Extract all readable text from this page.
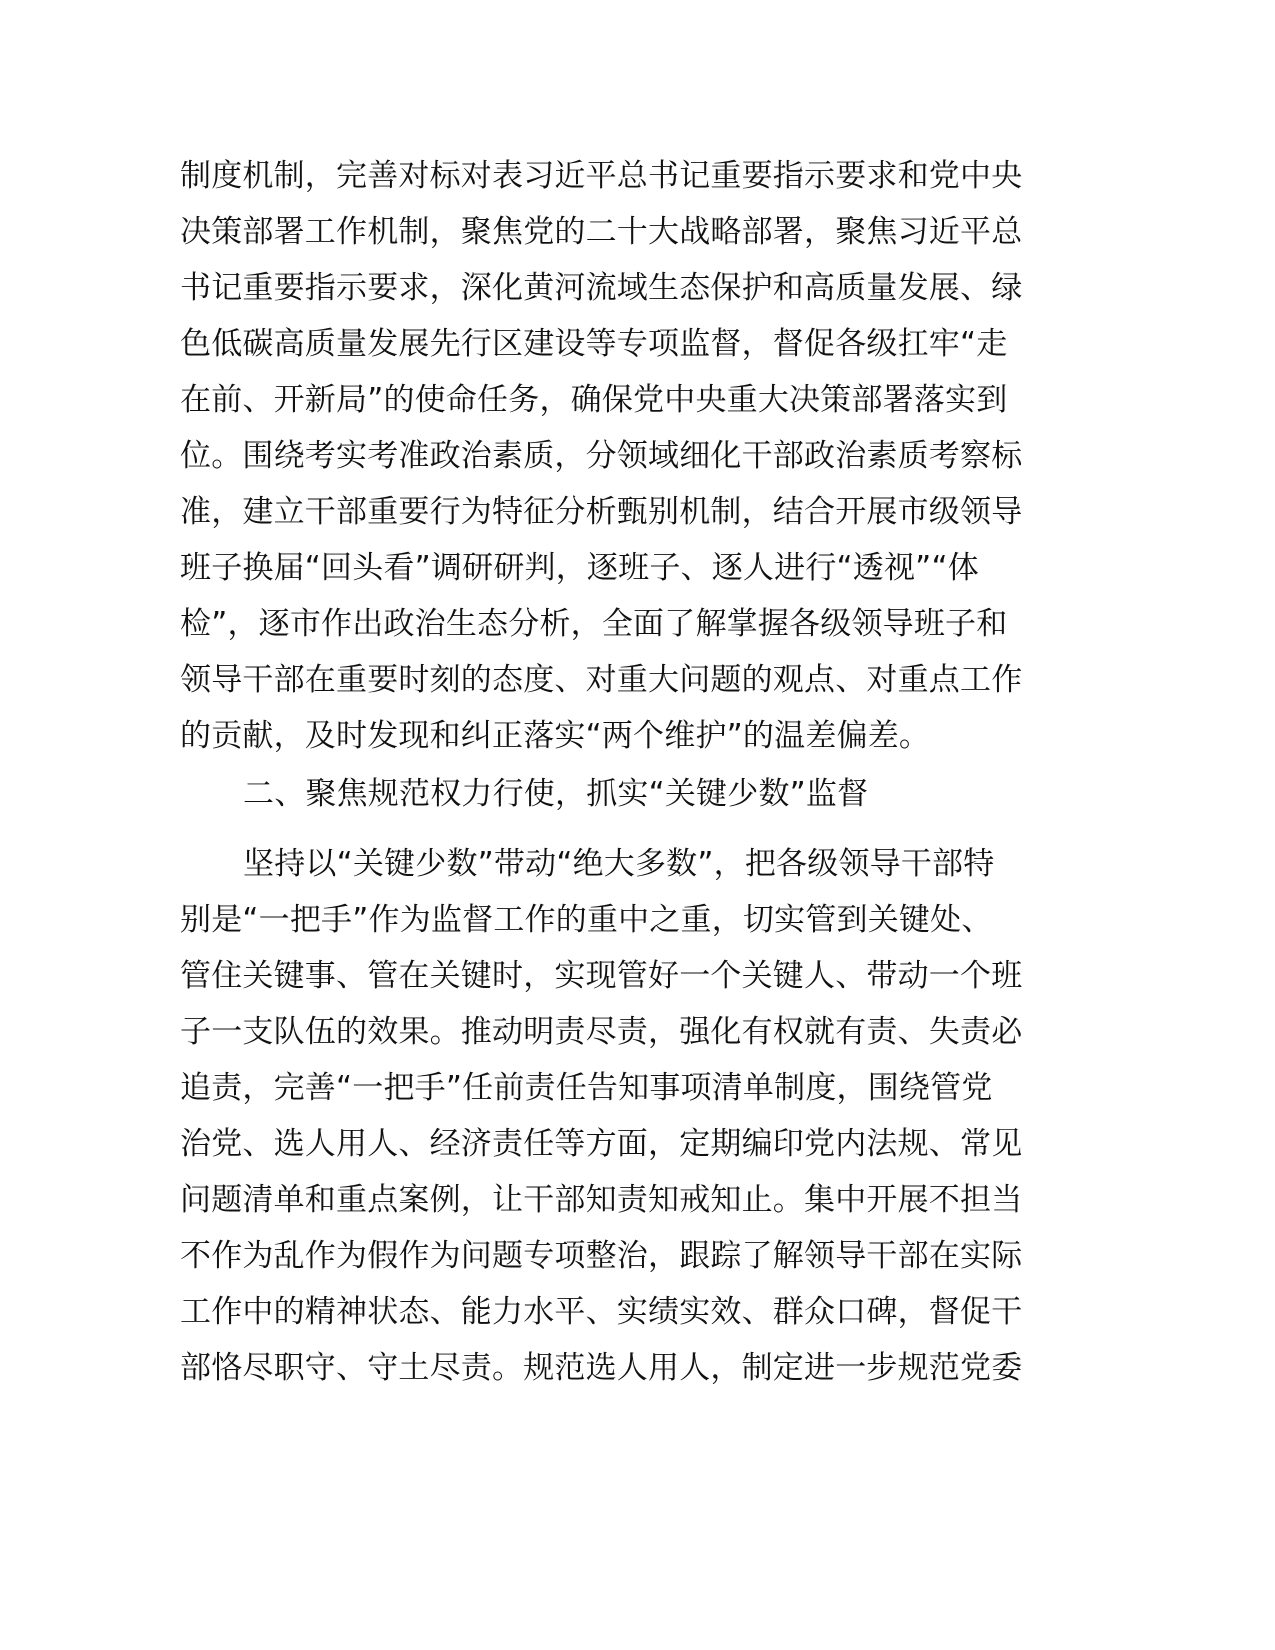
制度机制，完善对标对表习近平总书记重要指示要求和党中央
决策部署工作机制，聚焦党的二十大战略部署，聚焦习近平总
书记重要指示要求，深化黄河流域生态保护和高质量发展、绿
色低碳高质量发展先行区建设等专项监督，督促各级扛牢“走
在前、开新局”的使命任务，确保党中央重大决策部署落实到
位。围绕考实考准政治素质，分领域细化干部政治素质考察标
准，建立干部重要行为特征分析甄别机制，结合开展市级领导
班子换届“回头看”调研研判，逐班子、逐人进行“透视”“体
检”，逐市作出政治生态分析，全面了解掌握各级领导班子和
领导干部在重要时刻的态度、对重大问题的观点、对重点工作
的贡献，及时发现和纠正落实“两个维护”的温差偏差。
二、聚焦规范权力行使，抓实“关键少数”监督
坚持以“关键少数”带动“绝大多数”，把各级领导干部特
别是“一把手”作为监督工作的重中之重，切实管到关键处、
管住关键事、管在关键时，实现管好一个关键人、带动一个班
子一支队伍的效果。推动明责尽责，强化有权就有责、失责必
追责，完善“一把手”任前责任告知事项清单制度，围绕管党
治党、选人用人、经济责任等方面，定期编印党内法规、常见
问题清单和重点案例，让干部知责知戒知止。集中开展不担当
不作为乱作为假作为问题专项整治，跟踪了解领导干部在实际
工作中的精神状态、能力水平、实绩实效、群众口碑，督促干
部恪尽职守、守土尽责。规范选人用人，制定进一步规范党委
